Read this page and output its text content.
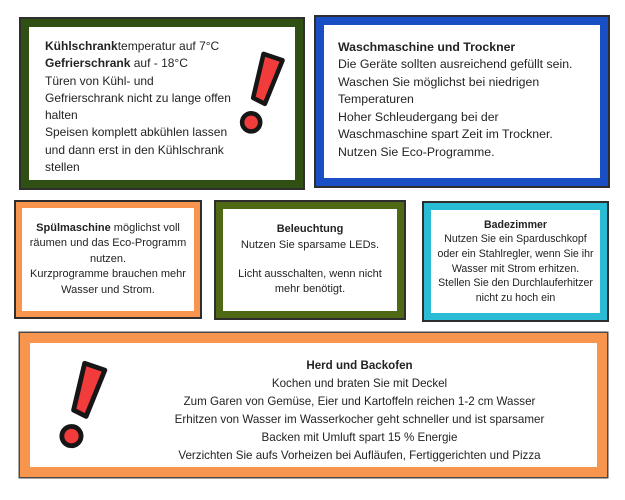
Kühlschranktemperatur auf 7°C
Gefrierschrank auf - 18°C
Türen von Kühl- und Gefrierschrank nicht zu lange offen halten
Speisen komplett abkühlen lassen und dann erst in den Kühlschrank stellen
Waschmaschine und Trockner
Die Geräte sollten ausreichend gefüllt sein. Waschen Sie möglichst bei niedrigen Temperaturen
Hoher Schleudergang bei der Waschmaschine spart Zeit im Trockner.
Nutzen Sie Eco-Programme.
Spülmaschine möglichst voll räumen und das Eco-Programm nutzen.
Kurzprogramme brauchen mehr Wasser und Strom.
Beleuchtung
Nutzen Sie sparsame LEDs.
Licht ausschalten, wenn nicht mehr benötigt.
Badezimmer
Nutzen Sie ein Sparduschkopf oder ein Stahlregler, wenn Sie ihr Wasser mit Strom erhitzen.
Stellen Sie den Durchlauferhitzer nicht zu hoch ein
Herd und Backofen
Kochen und braten Sie mit Deckel
Zum Garen von Gemüse, Eier und Kartoffeln reichen 1-2 cm Wasser
Erhitzen von Wasser im Wasserkocher geht schneller und ist sparsamer
Backen mit Umluft spart 15 % Energie
Verzichten Sie aufs Vorheizen bei Aufläufen, Fertiggerichten und Pizza
